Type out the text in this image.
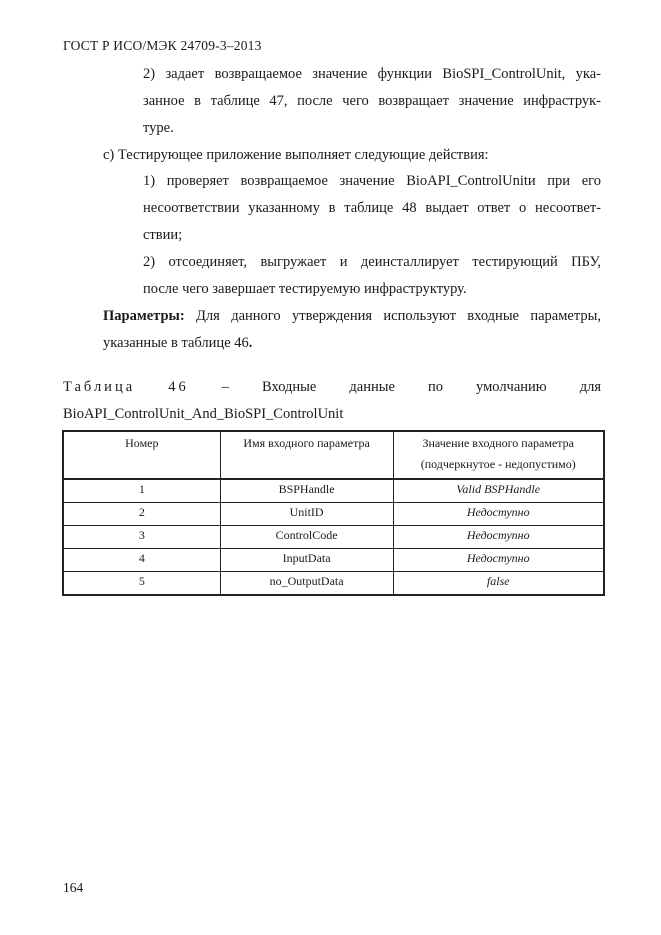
ГОСТ Р ИСО/МЭК 24709-3–2013
2) задает возвращаемое значение функции BioSPI_ControlUnit, ука-
занное в таблице 47, после чего возвращает значение инфраструк-
туре.
c) Тестирующее приложение выполняет следующие действия:
1) проверяет возвращаемое значение BioAPI_ControlUnitи при его
несоответствии указанному в таблице 48 выдает ответ о несоответ-
ствии;
2) отсоединяет, выгружает и деинсталлирует тестирующий ПБУ,
после чего завершает тестируемую инфраструктуру.
Параметры: Для данного утверждения используют входные параметры,
указанные в таблице 46.
Таблица 46 – Входные данные по умолчанию для
BioAPI_ControlUnit_And_BioSPI_ControlUnit
Номер	Имя входного параметра	Значение входного параметра
(подчеркнутое - недопустимо)
1	BSPHandle	Valid BSPHandle
2	UnitID	Недоступно
3	ControlCode	Недоступно
4	InputData	Недоступно
5	no_OutputData	false
164
